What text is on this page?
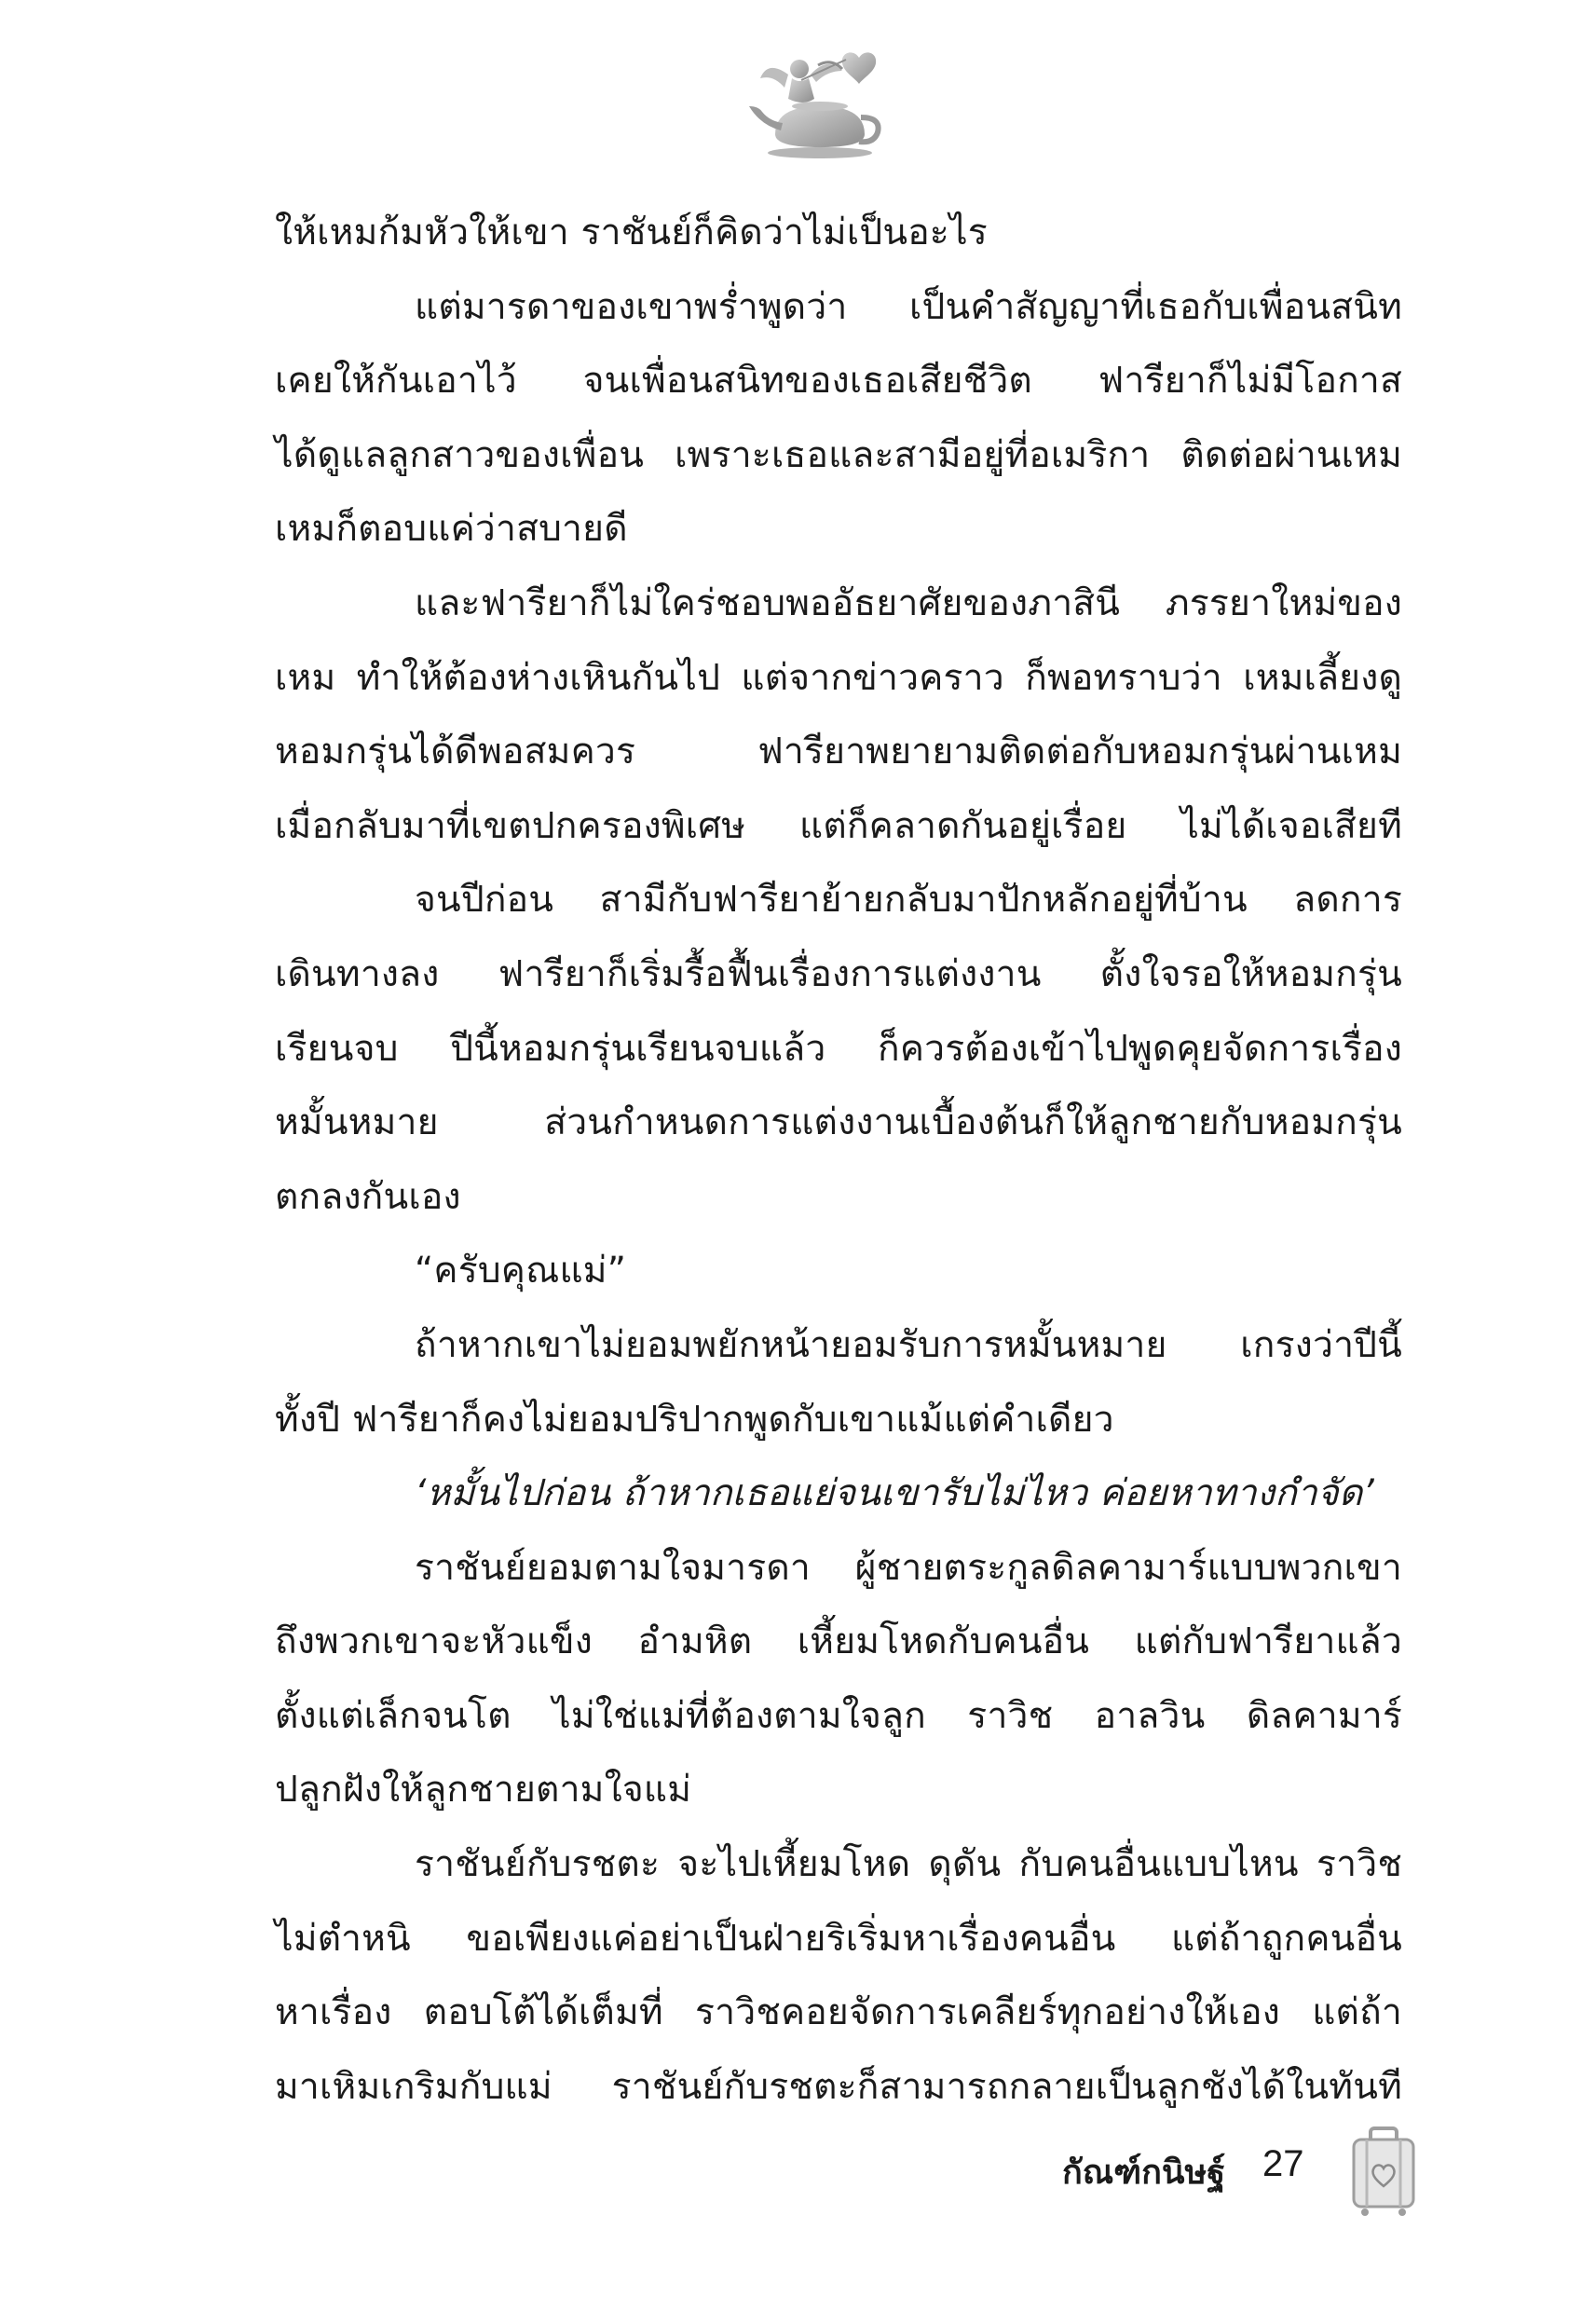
ให้เหมก้มหัวให้เขา ราชันย์ก็คิดว่าไม่เป็นอะไร
แต่มารดาของเขาพร่ำพูดว่า เป็นคำสัญญาที่เธอกับเพื่อนสนิท
เคยให้กันเอาไว้ จนเพื่อนสนิทของเธอเสียชีวิต ฟารียาก็ไม่มีโอกาส
ได้ดูแลลูกสาวของเพื่อน เพราะเธอและสามีอยู่ที่อเมริกา ติดต่อผ่านเหม
เหมก็ตอบแค่ว่าสบายดี
และฟารียาก็ไม่ใคร่ชอบพออัธยาศัยของภาสินี ภรรยาใหม่ของ
เหม ทำให้ต้องห่างเหินกันไป แต่จากข่าวคราว ก็พอทราบว่า เหมเลี้ยงดู
หอมกรุ่นได้ดีพอสมควร ฟารียาพยายามติดต่อกับหอมกรุ่นผ่านเหม
เมื่อกลับมาที่เขตปกครองพิเศษ แต่ก็คลาดกันอยู่เรื่อย ไม่ได้เจอเสียที
จนปีก่อน สามีกับฟารียาย้ายกลับมาปักหลักอยู่ที่บ้าน ลดการ
เดินทางลง ฟารียาก็เริ่มรื้อฟื้นเรื่องการแต่งงาน ตั้งใจรอให้หอมกรุ่น
เรียนจบ ปีนี้หอมกรุ่นเรียนจบแล้ว ก็ควรต้องเข้าไปพูดคุยจัดการเรื่อง
หมั้นหมาย ส่วนกำหนดการแต่งงานเบื้องต้นก็ให้ลูกชายกับหอมกรุ่น
ตกลงกันเอง
“ครับคุณแม่”
ถ้าหากเขาไม่ยอมพยักหน้ายอมรับการหมั้นหมาย เกรงว่าปีนี้
ทั้งปี ฟารียาก็คงไม่ยอมปริปากพูดกับเขาแม้แต่คำเดียว
‘หมั้นไปก่อน ถ้าหากเธอแย่จนเขารับไม่ไหว ค่อยหาทางกำจัด’
ราชันย์ยอมตามใจมารดา ผู้ชายตระกูลดิลคามาร์แบบพวกเขา
ถึงพวกเขาจะหัวแข็ง อำมหิต เหี้ยมโหดกับคนอื่น แต่กับฟารียาแล้ว
ตั้งแต่เล็กจนโต ไม่ใช่แม่ที่ต้องตามใจลูก ราวิช อาลวิน ดิลคามาร์
ปลูกฝังให้ลูกชายตามใจแม่
ราชันย์กับรชตะ จะไปเหี้ยมโหด ดุดัน กับคนอื่นแบบไหน ราวิช
ไม่ตำหนิ ขอเพียงแค่อย่าเป็นฝ่ายริเริ่มหาเรื่องคนอื่น แต่ถ้าถูกคนอื่น
หาเรื่อง ตอบโต้ได้เต็มที่ ราวิชคอยจัดการเคลียร์ทุกอย่างให้เอง แต่ถ้า
มาเหิมเกริมกับแม่ ราชันย์กับรชตะก็สามารถกลายเป็นลูกชังได้ในทันที
กัณฑ์กนิษฐ์ 27
